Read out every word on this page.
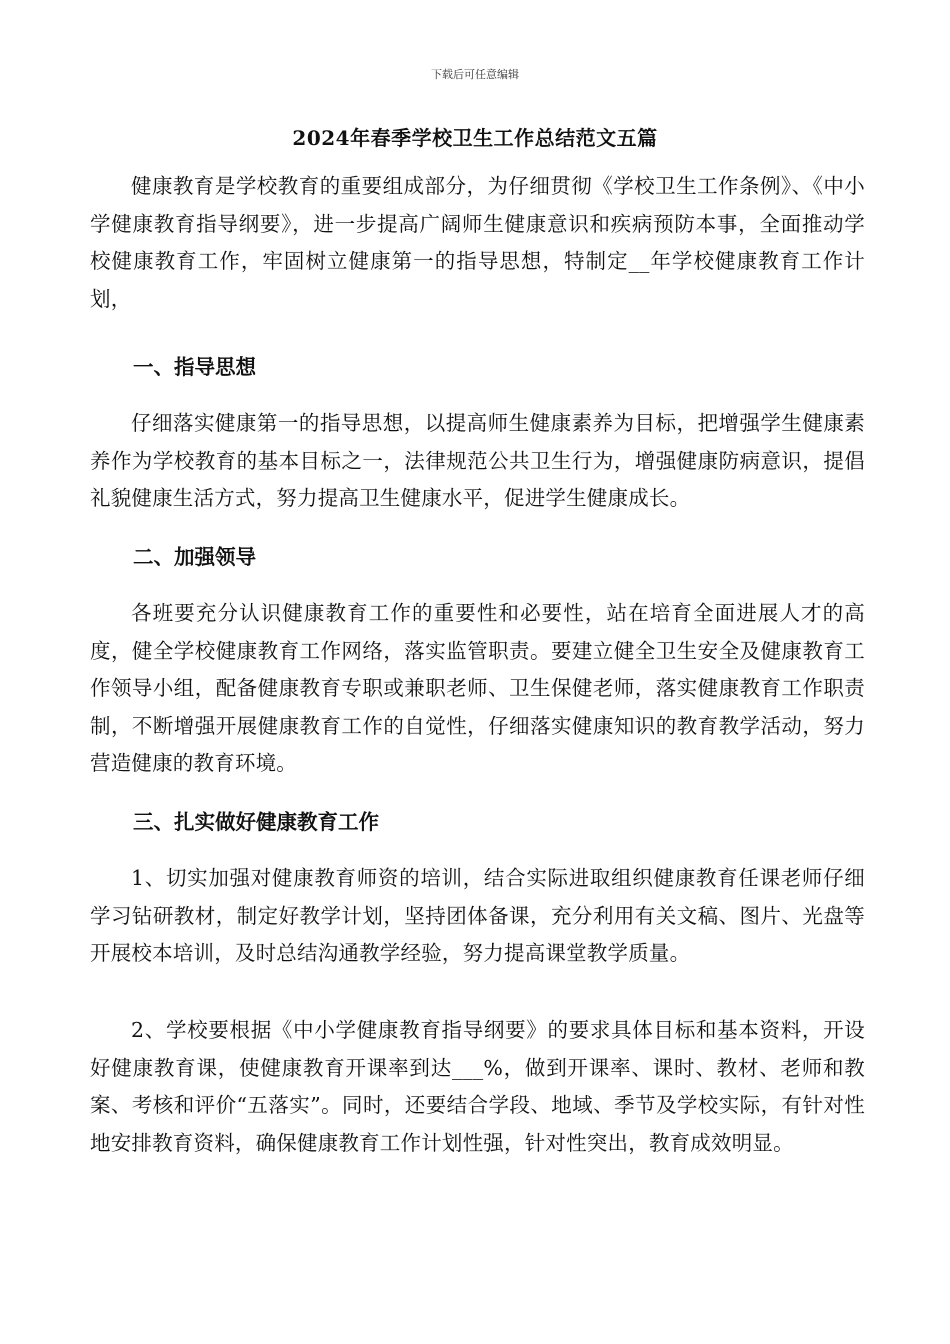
下载后可任意编辑
2024年春季学校卫生工作总结范文五篇

健康教育是学校教育的重要组成部分，为仔细贯彻《学校卫生工作条例》、《中小学健康教育指导纲要》，进一步提高广阔师生健康意识和疾病预防本事，全面推动学校健康教育工作，牢固树立健康第一的指导思想，特制定__年学校健康教育工作计划，

一、指导思想

仔细落实健康第一的指导思想，以提高师生健康素养为目标，把增强学生健康素养作为学校教育的基本目标之一，法律规范公共卫生行为，增强健康防病意识，提倡礼貌健康生活方式，努力提高卫生健康水平，促进学生健康成长。

二、加强领导

各班要充分认识健康教育工作的重要性和必要性，站在培育全面进展人才的高度，健全学校健康教育工作网络，落实监管职责。要建立健全卫生安全及健康教育工作领导小组，配备健康教育专职或兼职老师、卫生保健老师，落实健康教育工作职责制，不断增强开展健康教育工作的自觉性，仔细落实健康知识的教育教学活动，努力营造健康的教育环境。

三、扎实做好健康教育工作

1、切实加强对健康教育师资的培训，结合实际进取组织健康教育任课老师仔细学习钻研教材，制定好教学计划，坚持团体备课，充分利用有关文稿、图片、光盘等开展校本培训，及时总结沟通教学经验，努力提高课堂教学质量。

2、学校要根据《中小学健康教育指导纲要》的要求具体目标和基本资料，开设好健康教育课，使健康教育开课率到达___%，做到开课率、课时、教材、老师和教案、考核和评价“五落实”。同时，还要结合学段、地域、季节及学校实际，有针对性地安排教育资料，确保健康教育工作计划性强，针对性突出，教育成效明显。
